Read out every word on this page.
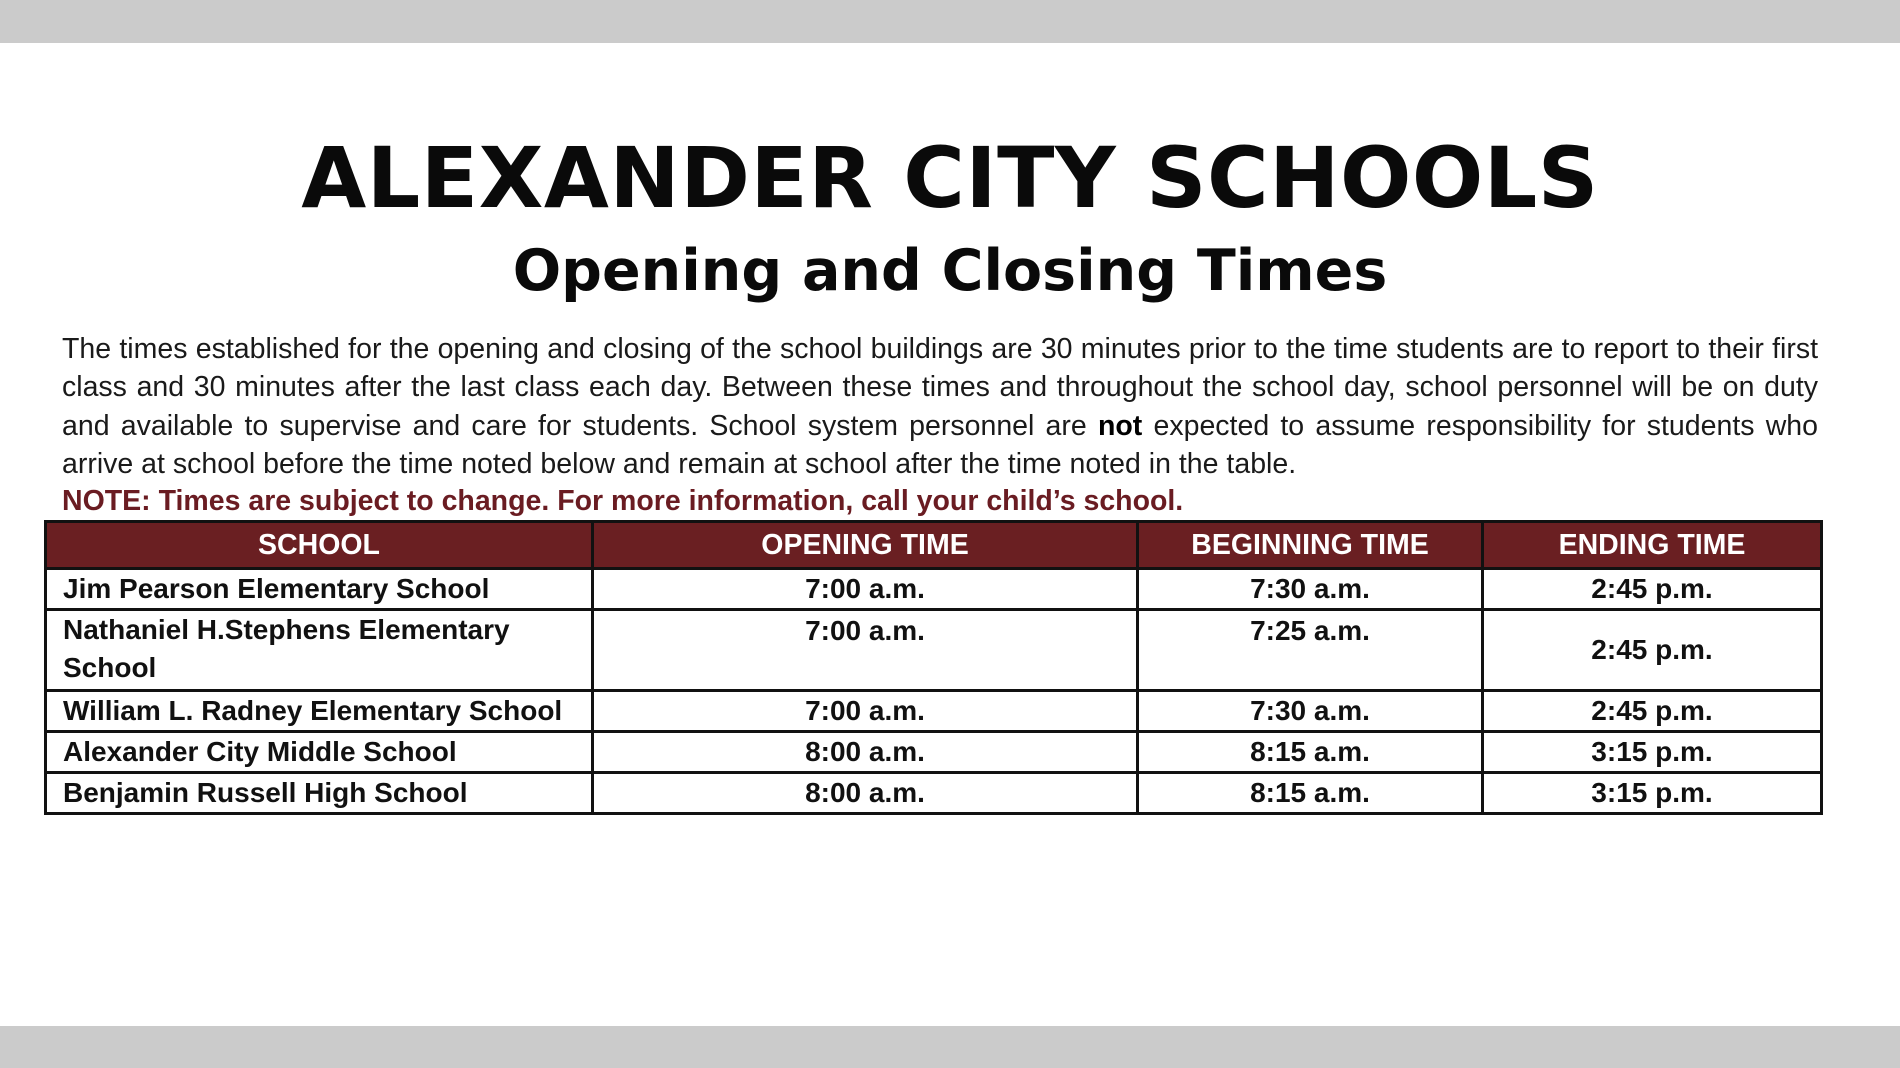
ALEXANDER CITY SCHOOLS
Opening and Closing Times

The times established for the opening and closing of the school buildings are 30 minutes prior to the time students are to report to their first class and 30 minutes after the last class each day. Between these times and throughout the school day, school personnel will be on duty and available to supervise and care for students. School system personnel are not expected to assume responsibility for students who arrive at school before the time noted below and remain at school after the time noted in the table.

NOTE: Times are subject to change. For more information, call your child’s school.
SCHOOL	OPENING TIME	BEGINNING TIME	ENDING TIME
Jim Pearson Elementary School	7:00 a.m.	7:30 a.m.	2:45 p.m.
Nathaniel H.Stephens Elementary School	7:00 a.m.	7:25 a.m.	2:45 p.m.
William L. Radney Elementary School	7:00 a.m.	7:30 a.m.	2:45 p.m.
Alexander City Middle School	8:00 a.m.	8:15 a.m.	3:15 p.m.
Benjamin Russell High School	8:00 a.m.	8:15 a.m.	3:15 p.m.
